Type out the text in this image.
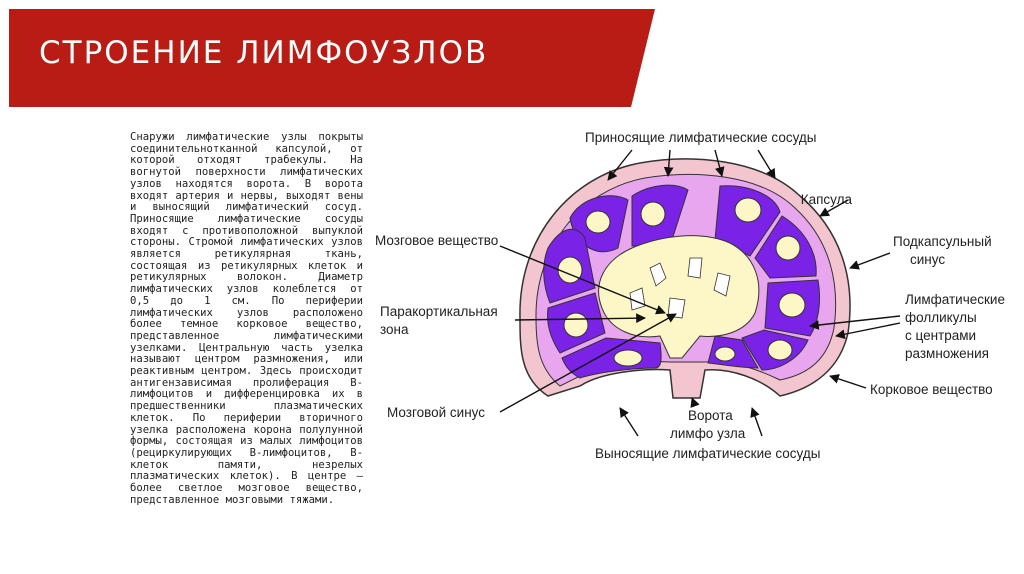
СТРОЕНИЕ ЛИМФОУЗЛОВ
Снаружи лимфатические узлы покрыты соединительнотканной капсулой, от которой отходят трабекулы. На вогнутой поверхности лимфатических узлов находятся ворота. В ворота входят артерия и нервы, выходят вены и выносящий лимфатический сосуд. Приносящие лимфатические сосуды входят с противоположной выпуклой стороны. Стромой лимфатических узлов является ретикулярная ткань, состоящая из ретикулярных клеток и ретикулярных волокон. Диаметр лимфатических узлов колеблется от 0,5 до 1 см. По периферии лимфатических узлов расположено более темное корковое вещество, представленное лимфатическими узелками. Центральную часть узелка называют центром размножения, или реактивным центром. Здесь происходит антигензависимая пролиферация В-лимфоцитов и дифференцировка их в предшественники плазматических клеток. По периферии вторичного узелка расположена корона полулунной формы, состоящая из малых лимфоцитов (рециркулирующих В-лимфоцитов, В-клеток памяти, незрелых плазматических клеток). В центре – более светлое мозговое вещество, представленное мозговыми тяжами.
Приносящие лимфатические сосуды
Капсула
Подкапсульный
синус
Мозговое вещество
Паракортикальная
зона
Лимфатические
фолликулы
с центрами
размножения
Корковое вещество
Мозговой синус	Ворота
лимфо узла
Выносящие лимфатические сосуды
